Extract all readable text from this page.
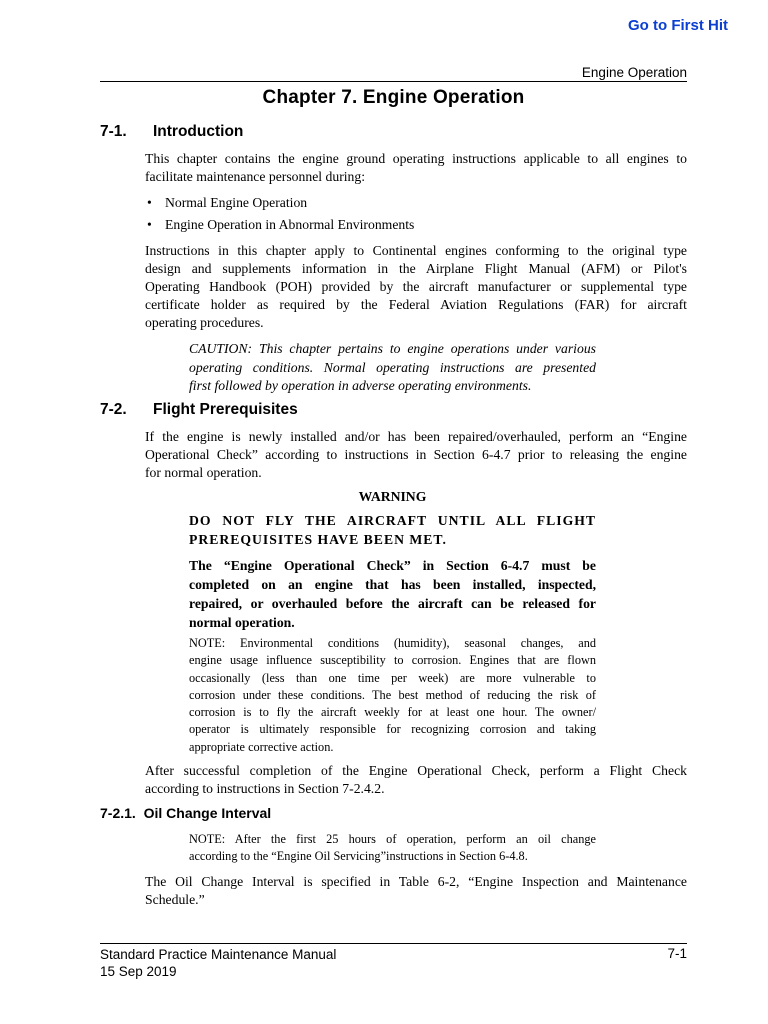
Go to First Hit
Engine Operation
Chapter 7. Engine Operation
7-1. Introduction
This chapter contains the engine ground operating instructions applicable to all engines to
facilitate maintenance personnel during:
• Normal Engine Operation
• Engine Operation in Abnormal Environments
Instructions in this chapter apply to Continental engines conforming to the original type
design and supplements information in the Airplane Flight Manual (AFM) or Pilot's
Operating Handbook (POH) provided by the aircraft manufacturer or supplemental type
certificate holder as required by the Federal Aviation Regulations (FAR) for aircraft
operating procedures.
CAUTION: This chapter pertains to engine operations under various
operating conditions. Normal operating instructions are presented
first followed by operation in adverse operating environments.
7-2. Flight Prerequisites
If the engine is newly installed and/or has been repaired/overhauled, perform an “Engine
Operational Check” according to instructions in Section 6-4.7 prior to releasing the engine
for normal operation.
WARNING
DO NOT FLY THE AIRCRAFT UNTIL ALL FLIGHT
PREREQUISITES HAVE BEEN MET.
The “Engine Operational Check” in Section 6-4.7 must be
completed on an engine that has been installed, inspected,
repaired, or overhauled before the aircraft can be released for
normal operation.
NOTE: Environmental conditions (humidity), seasonal changes, and
engine usage influence susceptibility to corrosion. Engines that are flown
occasionally (less than one time per week) are more vulnerable to
corrosion under these conditions. The best method of reducing the risk of
corrosion is to fly the aircraft weekly for at least one hour. The owner/
operator is ultimately responsible for recognizing corrosion and taking
appropriate corrective action.
After successful completion of the Engine Operational Check, perform a Flight Check
according to instructions in Section 7-2.4.2.
7-2.1. Oil Change Interval
NOTE: After the first 25 hours of operation, perform an oil change
according to the “Engine Oil Servicing”instructions in Section 6-4.8.
The Oil Change Interval is specified in Table 6-2, “Engine Inspection and Maintenance
Schedule.”
Standard Practice Maintenance Manual
15 Sep 2019
7-1
